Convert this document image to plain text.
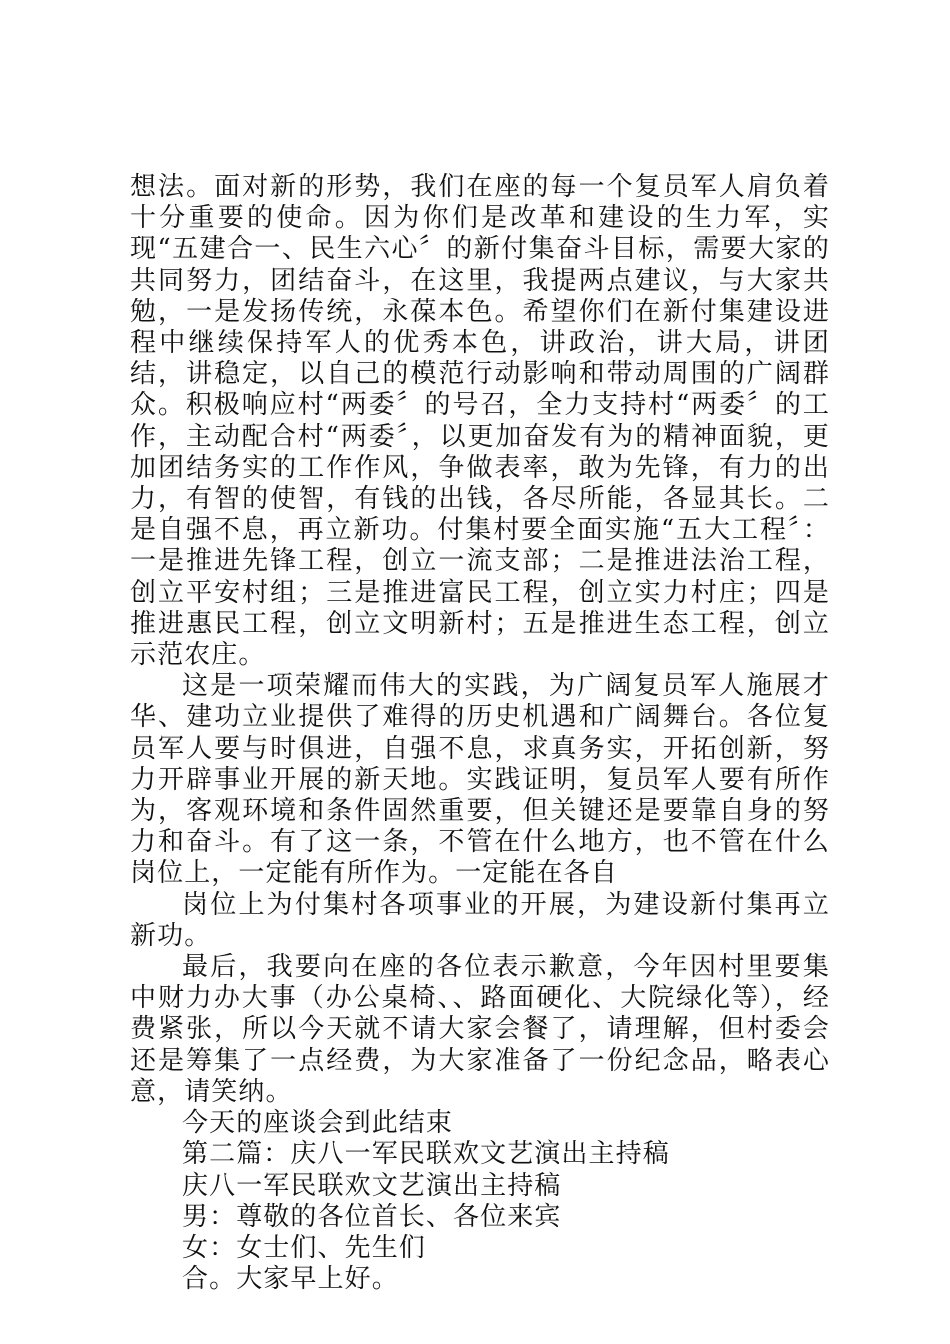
想法。面对新的形势，我们在座的每一个复员军人肩负着十分重要的使命。因为你们是改革和建设的生力军，实现“五建合一、民生六心〞的新付集奋斗目标，需要大家的共同努力，团结奋斗，在这里，我提两点建议，与大家共勉，一是发扬传统，永葆本色。希望你们在新付集建设进程中继续保持军人的优秀本色，讲政治，讲大局，讲团结，讲稳定，以自己的模范行动影响和带动周围的广阔群众。积极响应村“两委〞的号召，全力支持村“两委〞的工作，主动配合村“两委〞，以更加奋发有为的精神面貌，更加团结务实的工作作风，争做表率，敢为先锋，有力的出力，有智的使智，有钱的出钱，各尽所能，各显其长。二是自强不息，再立新功。付集村要全面实施“五大工程〞：一是推进先锋工程，创立一流支部；二是推进法治工程，创立平安村组；三是推进富民工程，创立实力村庄；四是推进惠民工程，创立文明新村；五是推进生态工程，创立示范农庄。

这是一项荣耀而伟大的实践，为广阔复员军人施展才华、建功立业提供了难得的历史机遇和广阔舞台。各位复员军人要与时俱进，自强不息，求真务实，开拓创新，努力开辟事业开展的新天地。实践证明，复员军人要有所作为，客观环境和条件固然重要，但关键还是要靠自身的努力和奋斗。有了这一条，不管在什么地方，也不管在什么岗位上，一定能有所作为。一定能在各自

岗位上为付集村各项事业的开展，为建设新付集再立新功。

最后，我要向在座的各位表示歉意，今年因村里要集中财力办大事（办公桌椅、、路面硬化、大院绿化等），经费紧张，所以今天就不请大家会餐了，请理解，但村委会还是筹集了一点经费，为大家准备了一份纪念品，略表心意，请笑纳。

今天的座谈会到此结束

第二篇：庆八一军民联欢文艺演出主持稿

庆八一军民联欢文艺演出主持稿

男：尊敬的各位首长、各位来宾

女：女士们、先生们

合。大家早上好。
